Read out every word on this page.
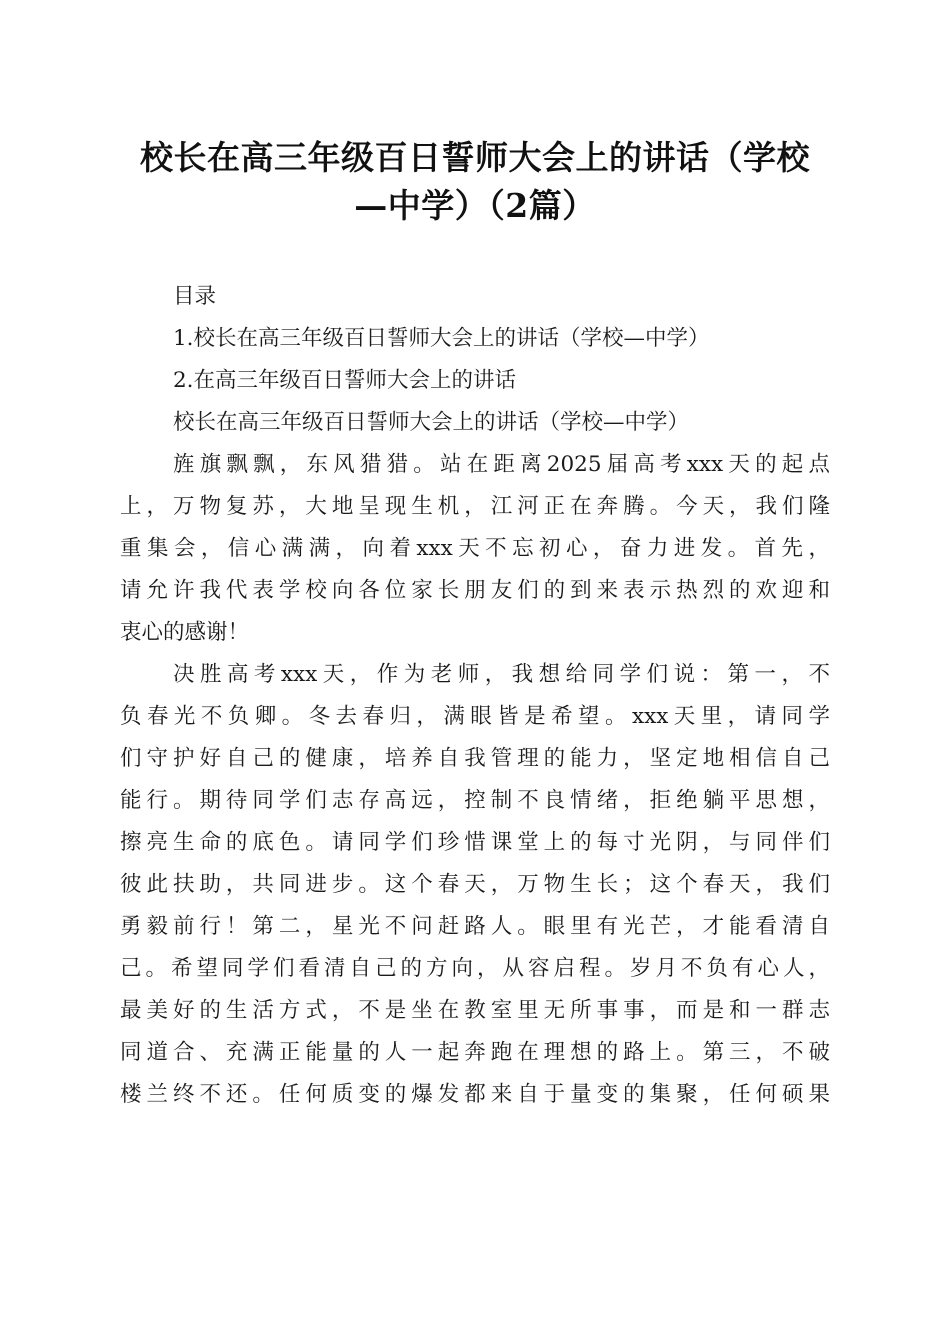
校长在高三年级百日誓师大会上的讲话（学校
—中学）（2篇）
目录
1.校长在高三年级百日誓师大会上的讲话（学校—中学）
2.在高三年级百日誓师大会上的讲话
校长在高三年级百日誓师大会上的讲话（学校—中学）
旌旗飘飘，东风猎猎。站在距离2025届高考xxx天的起点
上，万物复苏，大地呈现生机，江河正在奔腾。今天，我们隆
重集会，信心满满，向着xxx天不忘初心，奋力进发。首先，
请允许我代表学校向各位家长朋友们的到来表示热烈的欢迎和
衷心的感谢！
决胜高考xxx天，作为老师，我想给同学们说：第一，不
负春光不负卿。冬去春归，满眼皆是希望。xxx天里，请同学
们守护好自己的健康，培养自我管理的能力，坚定地相信自己
能行。期待同学们志存高远，控制不良情绪，拒绝躺平思想，
擦亮生命的底色。请同学们珍惜课堂上的每寸光阴，与同伴们
彼此扶助，共同进步。这个春天，万物生长；这个春天，我们
勇毅前行！第二，星光不问赶路人。眼里有光芒，才能看清自
己。希望同学们看清自己的方向，从容启程。岁月不负有心人，
最美好的生活方式，不是坐在教室里无所事事，而是和一群志
同道合、充满正能量的人一起奔跑在理想的路上。第三，不破
楼兰终不还。任何质变的爆发都来自于量变的集聚，任何硕果
